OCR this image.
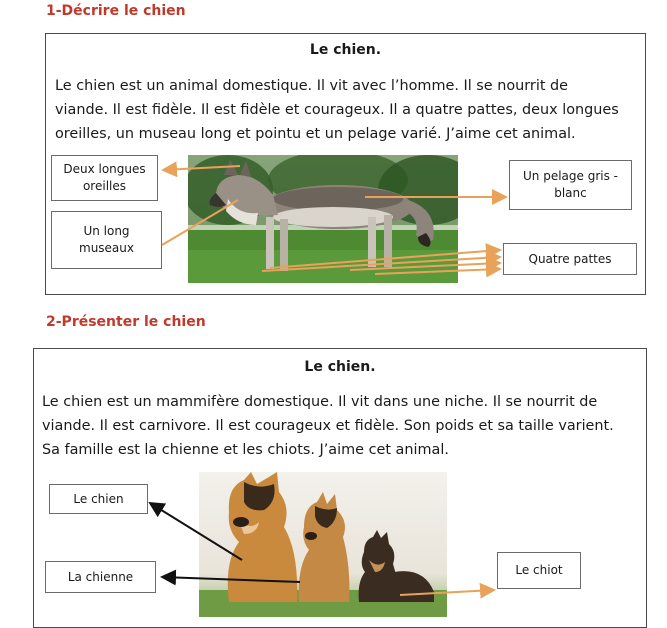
1-Décrire le chien
Le chien.
Le chien est un animal domestique. Il vit avec l’homme. Il se nourrit de
viande. Il est fidèle. Il est fidèle et courageux. Il a quatre pattes, deux longues
oreilles, un museau long et pointu et un pelage varié. J’aime cet animal.
Deux longues
oreilles
Un long
museaux
Un pelage gris -
blanc
Quatre pattes
2-Présenter le chien
Le chien.
Le chien est un mammifère domestique. Il vit dans une niche. Il se nourrit de
viande. Il est carnivore. Il est courageux et fidèle. Son poids et sa taille varient.
Sa famille est la chienne et les chiots. J’aime cet animal.
Le chien
La chienne	Le chiot
